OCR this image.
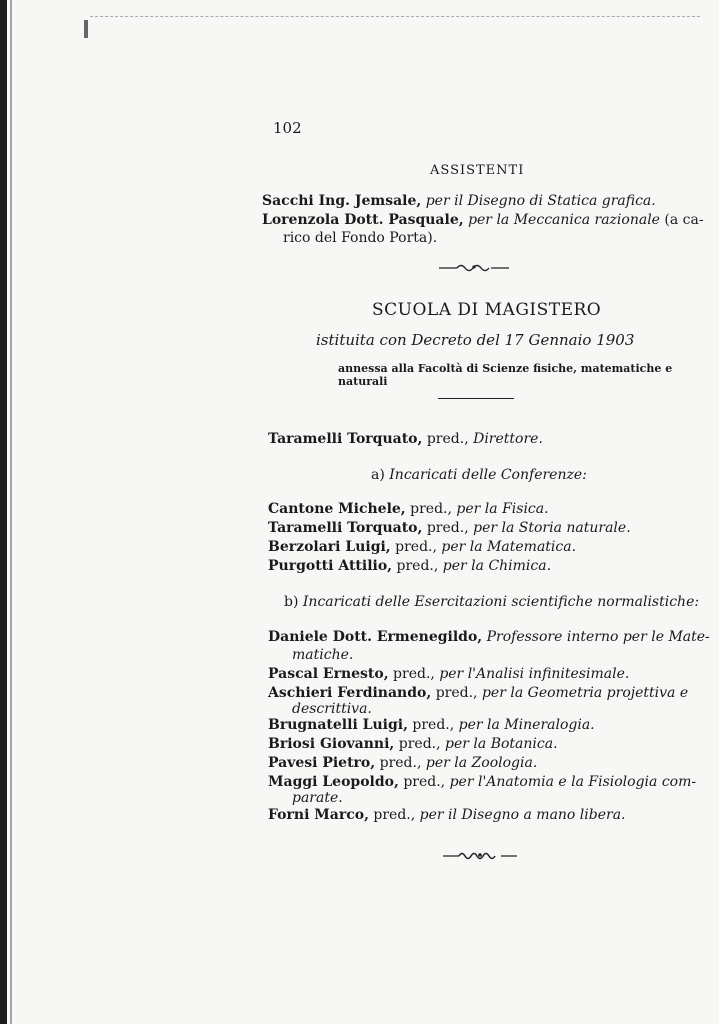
102
ASSISTENTI
Sacchi Ing. Jemsale, per il Disegno di Statica grafica.
Lorenzola Dott. Pasquale, per la Meccanica razionale (a ca-
rico del Fondo Porta).
SCUOLA DI MAGISTERO
istituita con Decreto del 17 Gennaio 1903
annessa alla Facoltà di Scienze fisiche, matematiche e naturali
Taramelli Torquato, pred., Direttore.
a) Incaricati delle Conferenze:
Cantone Michele, pred., per la Fisica.
Taramelli Torquato, pred., per la Storia naturale.
Berzolari Luigi, pred., per la Matematica.
Purgotti Attilio, pred., per la Chimica.
b) Incaricati delle Esercitazioni scientifiche normalistiche:
Daniele Dott. Ermenegildo, Professore interno per le Mate-
matiche.
Pascal Ernesto, pred., per l'Analisi infinitesimale.
Aschieri Ferdinando, pred., per la Geometria projettiva e
descrittiva.
Brugnatelli Luigi, pred., per la Mineralogia.
Briosi Giovanni, pred., per la Botanica.
Pavesi Pietro, pred., per la Zoologia.
Maggi Leopoldo, pred., per l'Anatomia e la Fisiologia com-
parate.
Forni Marco, pred., per il Disegno a mano libera.
